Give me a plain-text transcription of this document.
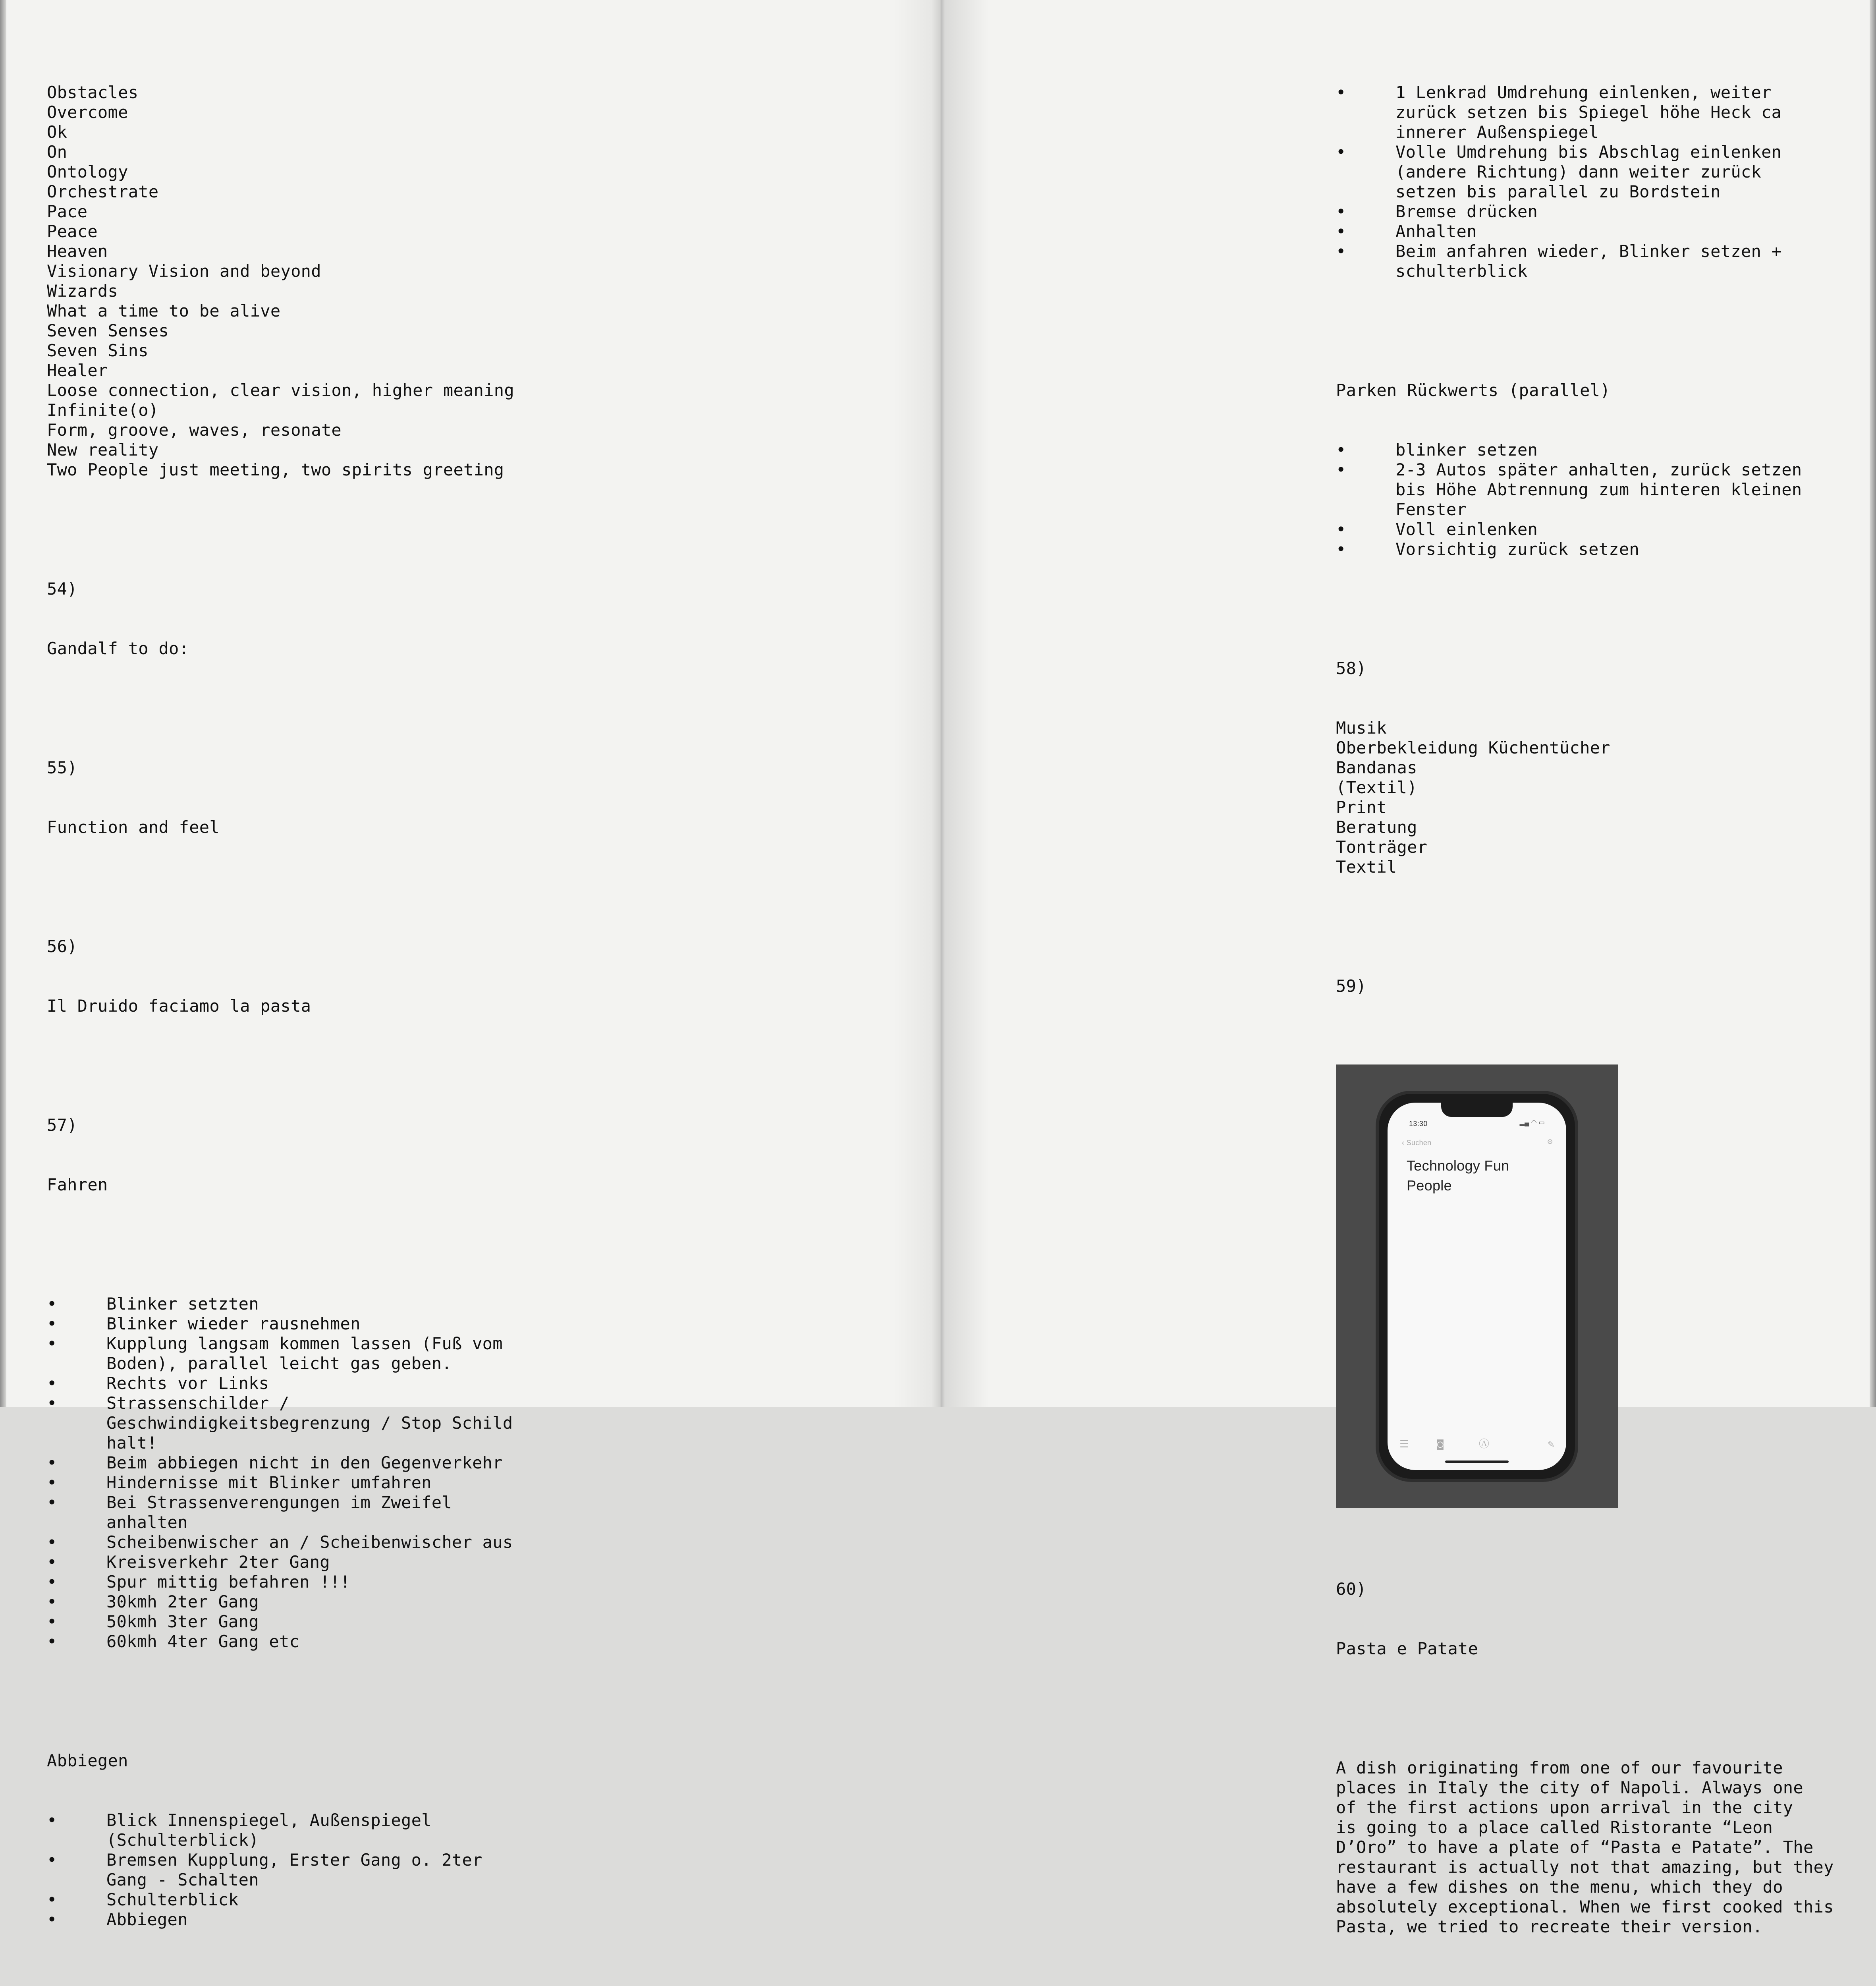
Obstacles
Overcome
Ok
On
Ontology
Orchestrate
Pace
Peace
Heaven
Visionary Vision and beyond
Wizards
What a time to be alive
Seven Senses
Seven Sins
Healer
Loose connection, clear vision, higher meaning
Infinite(o)
Form, groove, waves, resonate
New reality
Two People just meeting, two spirits greeting

54)

Gandalf to do:

55)

Function and feel

56)

Il Druido faciamo la pasta

57)

Fahren

•	Blinker setzten
•	Blinker wieder rausnehmen
•	Kupplung langsam kommen lassen (Fuß vom
Boden), parallel leicht gas geben.
•	Rechts vor Links
•	Strassenschilder /
Geschwindigkeitsbegrenzung / Stop Schild
halt!
•	Beim abbiegen nicht in den Gegenverkehr
•	Hindernisse mit Blinker umfahren
•	Bei Strassenverengungen im Zweifel
anhalten
•	Scheibenwischer an / Scheibenwischer aus
•	Kreisverkehr 2ter Gang
•	Spur mittig befahren !!!
•	30kmh 2ter Gang
•	50kmh 3ter Gang
•	60kmh 4ter Gang etc

Abbiegen

•	Blick Innenspiegel, Außenspiegel
(Schulterblick)
•	Bremsen Kupplung, Erster Gang o. 2ter
Gang - Schalten
•	Schulterblick
•	Abbiegen

•	1 Lenkrad Umdrehung einlenken, weiter
zurück setzen bis Spiegel höhe Heck ca
innerer Außenspiegel
•	Volle Umdrehung bis Abschlag einlenken
(andere Richtung) dann weiter zurück
setzen bis parallel zu Bordstein
•	Bremse drücken
•	Anhalten
•	Beim anfahren wieder, Blinker setzen +
schulterblick

Parken Rückwerts (parallel)

•	blinker setzen
•	2-3 Autos später anhalten, zurück setzen
bis Höhe Abtrennung zum hinteren kleinen
Fenster
•	Voll einlenken
•	Vorsichtig zurück setzen

58)

Musik
Oberbekleidung Küchentücher
Bandanas
(Textil)
Print
Beratung
Tonträger
Textil

59)

13:30

	▂▄ ◠ ▭

‹ Suchen

	⊙

Technology Fun
People

☰

	◙

	Ⓐ

	✎

60)

Pasta e Patate

A dish originating from one of our favourite
places in Italy the city of Napoli. Always one
of the first actions upon arrival in the city
is going to a place called Ristorante “Leon
D’Oro” to have a plate of “Pasta e Patate”. The
restaurant is actually not that amazing, but they
have a few dishes on the menu, which they do
absolutely exceptional. When we first cooked this
Pasta, we tried to recreate their version.
